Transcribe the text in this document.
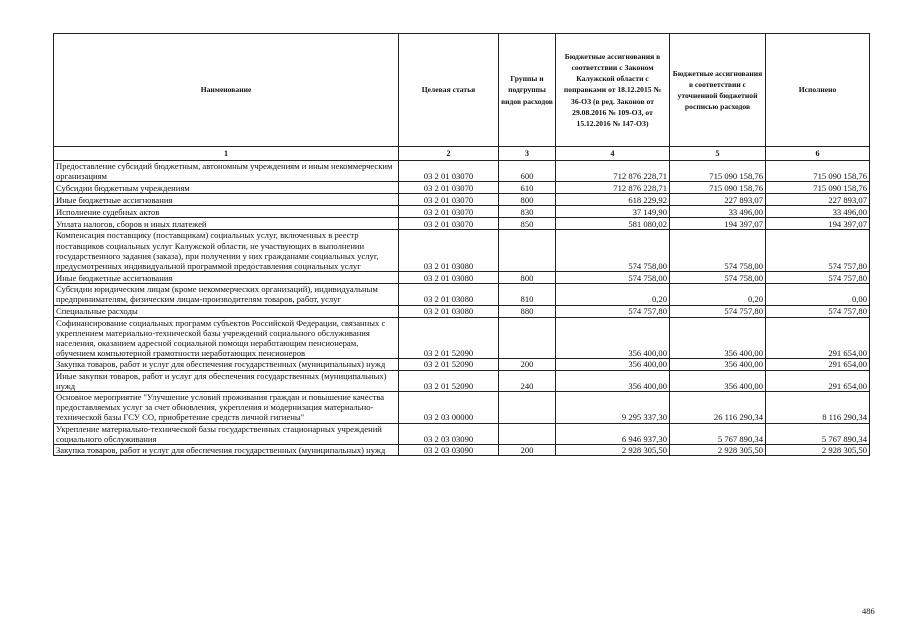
Наименование	Целевая статья	Группы и подгруппы видов расходов	Бюджетные ассигнования в соответствии с Законом Калужской области с поправками от 18.12.2015 № 36-ОЗ (в ред. Законов от 29.08.2016 № 109-ОЗ, от 15.12.2016 № 147-ОЗ)	Бюджетные ассигнования в соответствии с уточненной бюджетной росписью расходов	Исполнено
1	2	3	4	5	6
Предоставление субсидий бюджетным, автономным учреждениям и иным некоммерческим организациям	03 2 01 03070	600	712 876 228,71	715 090 158,76	715 090 158,76
Субсидии бюджетным учреждениям	03 2 01 03070	610	712 876 228,71	715 090 158,76	715 090 158,76
Иные бюджетные ассигнования	03 2 01 03070	800	618 229,92	227 893,07	227 893,07
Исполнение судебных актов	03 2 01 03070	830	37 149,90	33 496,00	33 496,00
Уплата налогов, сборов и иных платежей	03 2 01 03070	850	581 080,02	194 397,07	194 397,07
Компенсация поставщику (поставщикам) социальных услуг, включенных в реестр поставщиков социальных услуг Калужской области, не участвующих в выполнении государственного задания (заказа), при получении у них гражданами социальных услуг, предусмотренных индивидуальной программой предоставления социальных услуг	03 2 01 03080		574 758,00	574 758,00	574 757,80
Иные бюджетные ассигнования	03 2 01 03080	800	574 758,00	574 758,00	574 757,80
Субсидии юридическим лицам (кроме некоммерческих организаций), индивидуальным предпринимателям, физическим лицам-производителям товаров, работ, услуг	03 2 01 03080	810	0,20	0,20	0,00
Специальные расходы	03 2 01 03080	880	574 757,80	574 757,80	574 757,80
Софинансирование социальных программ субъектов Российской Федерации, связанных с укреплением материально-технической базы учреждений социального обслуживания населения, оказанием адресной социальной помощи неработающим пенсионерам, обучением компьютерной грамотности неработающих пенсионеров	03 2 01 52090		356 400,00	356 400,00	291 654,00
Закупка товаров, работ и услуг для обеспечения государственных (муниципальных) нужд	03 2 01 52090	200	356 400,00	356 400,00	291 654,00
Иные закупки товаров, работ и услуг для обеспечения государственных (муниципальных) нужд	03 2 01 52090	240	356 400,00	356 400,00	291 654,00
Основное мероприятие "Улучшение условий проживания граждан и повышение качества предоставляемых услуг за счет обновления, укрепления и модернизация материально-технической базы ГСУ СО, приобретение средств личной гигиены"	03 2 03 00000		9 295 337,30	26 116 290,34	8 116 290,34
Укрепление материально-технической базы государственных стационарных учреждений социального обслуживания	03 2 03 03090		6 946 937,30	5 767 890,34	5 767 890,34
Закупка товаров, работ и услуг для обеспечения государственных (муниципальных) нужд	03 2 03 03090	200	2 928 305,50	2 928 305,50	2 928 305,50
486
